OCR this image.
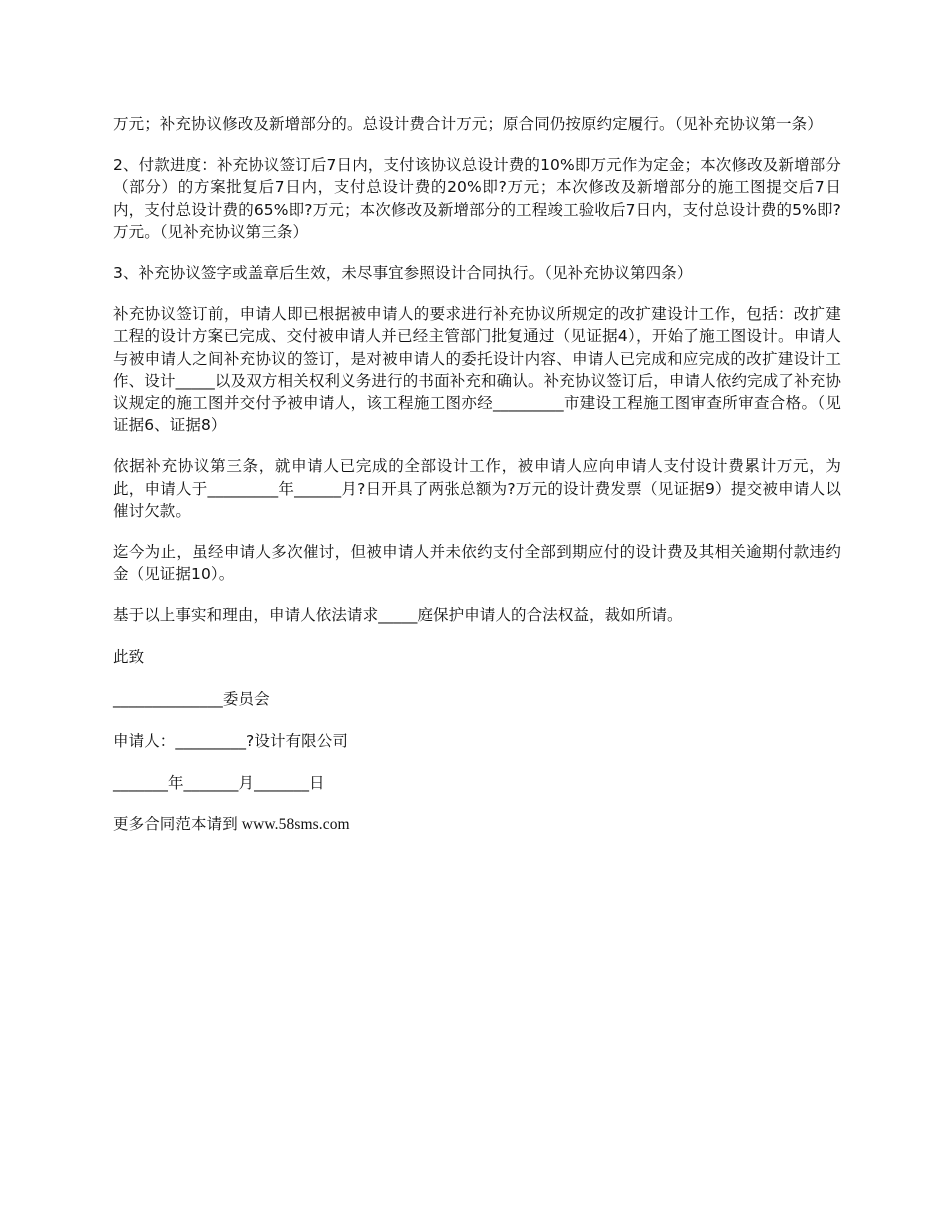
万元；补充协议修改及新增部分的。总设计费合计万元；原合同仍按原约定履行。（见补充协议第一条）

2、付款进度：补充协议签订后7日内，支付该协议总设计费的10%即万元作为定金；本次修改及新增部分（部分）的方案批复后7日内，支付总设计费的20%即?万元；本次修改及新增部分的施工图提交后7日内，支付总设计费的65%即?万元；本次修改及新增部分的工程竣工验收后7日内，支付总设计费的5%即?万元。（见补充协议第三条）

3、补充协议签字或盖章后生效，未尽事宜参照设计合同执行。（见补充协议第四条）

补充协议签订前，申请人即已根据被申请人的要求进行补充协议所规定的改扩建设计工作，包括：改扩建工程的设计方案已完成、交付被申请人并已经主管部门批复通过（见证据4），开始了施工图设计。申请人与被申请人之间补充协议的签订，是对被申请人的委托设计内容、申请人已完成和应完成的改扩建设计工作、设计_____以及双方相关权利义务进行的书面补充和确认。补充协议签订后，申请人依约完成了补充协议规定的施工图并交付予被申请人，该工程施工图亦经_________市建设工程施工图审查所审查合格。（见证据6、证据8）

依据补充协议第三条，就申请人已完成的全部设计工作，被申请人应向申请人支付设计费累计万元，为此，申请人于_________年______月?日开具了两张总额为?万元的设计费发票（见证据9）提交被申请人以催讨欠款。

迄今为止，虽经申请人多次催讨，但被申请人并未依约支付全部到期应付的设计费及其相关逾期付款违约金（见证据10）。

基于以上事实和理由，申请人依法请求_____庭保护申请人的合法权益，裁如所请。

此致

______________委员会

申请人：_________?设计有限公司

_______年_______月_______日

更多合同范本请到 www.58sms.com
